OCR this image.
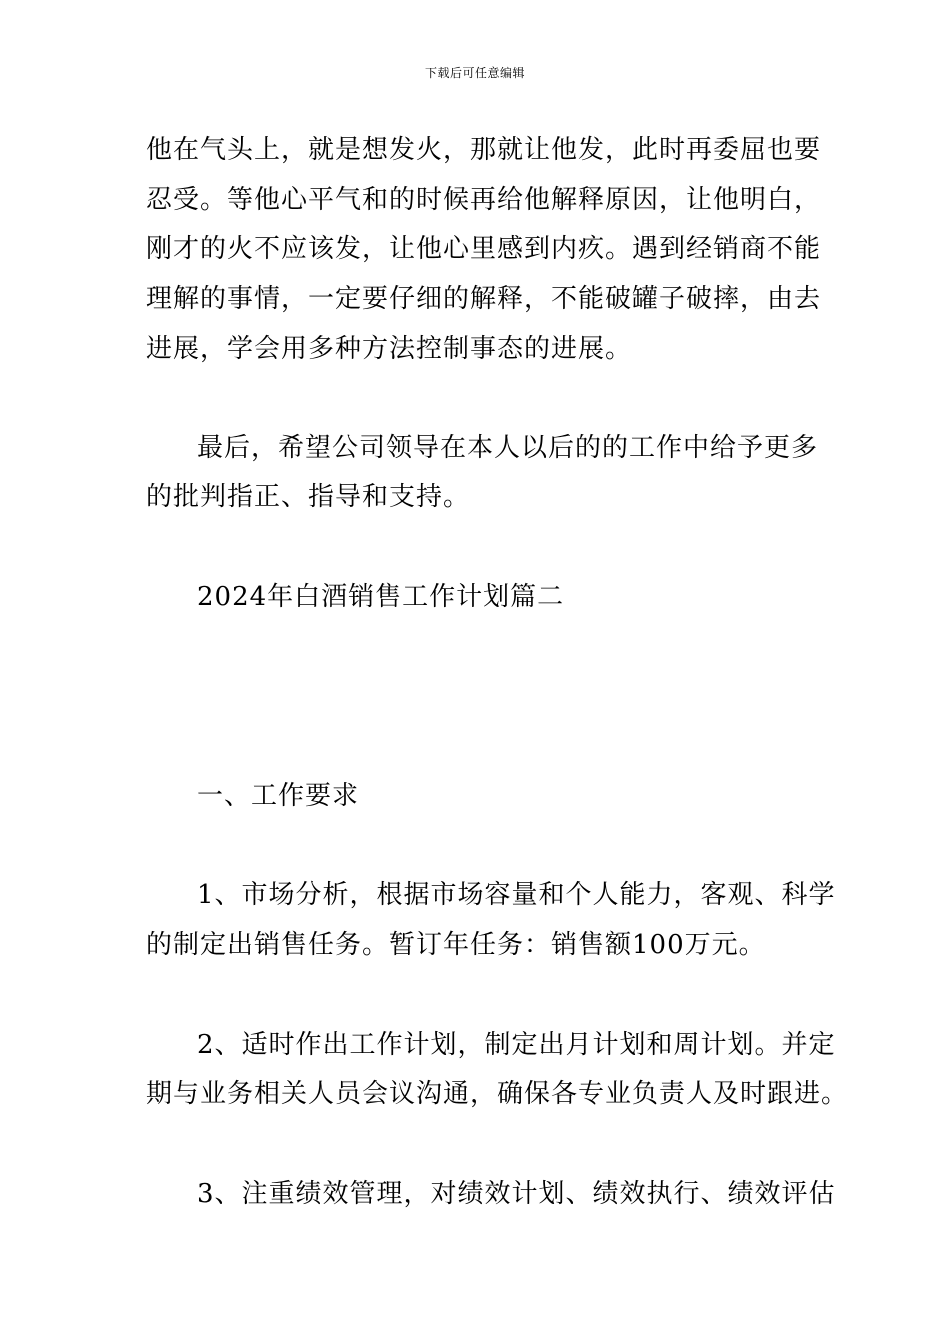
下载后可任意编辑
他在气头上，就是想发火，那就让他发，此时再委屈也要
忍受。等他心平气和的时候再给他解释原因，让他明白，
刚才的火不应该发，让他心里感到内疚。遇到经销商不能
理解的事情，一定要仔细的解释，不能破罐子破摔，由去
进展，学会用多种方法控制事态的进展。
最后，希望公司领导在本人以后的的工作中给予更多
的批判指正、指导和支持。
2024年白酒销售工作计划篇二
一、工作要求
1、市场分析，根据市场容量和个人能力，客观、科学
的制定出销售任务。暂订年任务：销售额100万元。
2、适时作出工作计划，制定出月计划和周计划。并定
期与业务相关人员会议沟通，确保各专业负责人及时跟进。
3、注重绩效管理，对绩效计划、绩效执行、绩效评估
